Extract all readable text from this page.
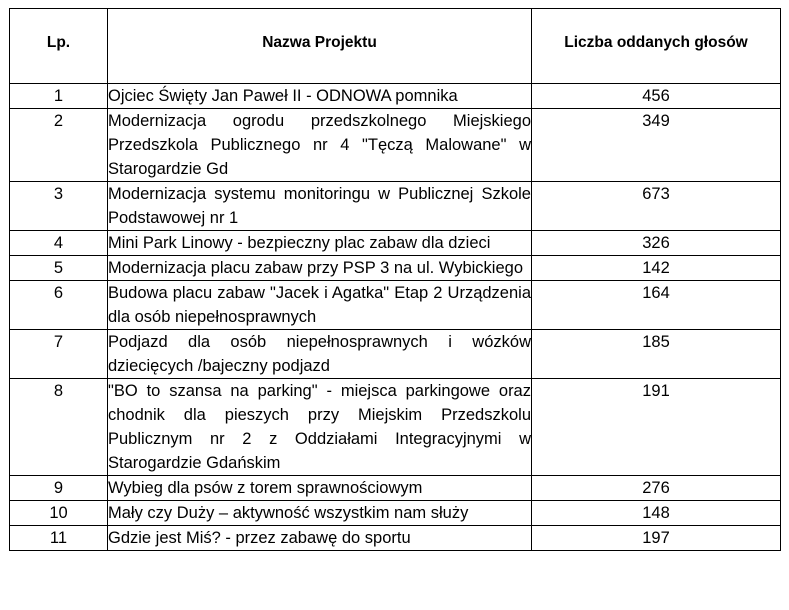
Lp.	Nazwa Projektu	Liczba oddanych głosów
1	Ojciec Święty Jan Paweł II - ODNOWA pomnika	456
2	Modernizacja ogrodu przedszkolnego Miejskiego Przedszkola Publicznego nr 4 "Tęczą Malowane" w Starogardzie Gd	349
3	Modernizacja systemu monitoringu w Publicznej Szkole Podstawowej nr 1	673
4	Mini Park Linowy - bezpieczny plac zabaw dla dzieci	326
5	Modernizacja placu zabaw przy PSP 3 na ul. Wybickiego	142
6	Budowa placu zabaw "Jacek i Agatka" Etap 2 Urządzenia dla osób niepełnosprawnych	164
7	Podjazd dla osób niepełnosprawnych i wózków dziecięcych /bajeczny podjazd	185
8	"BO to szansa na parking" - miejsca parkingowe oraz chodnik dla pieszych przy Miejskim Przedszkolu Publicznym nr 2 z Oddziałami Integracyjnymi w Starogardzie Gdańskim	191
9	Wybieg dla psów z torem sprawnościowym	276
10	Mały czy Duży – aktywność wszystkim nam służy	148
11	Gdzie jest Miś? - przez zabawę do sportu	197
